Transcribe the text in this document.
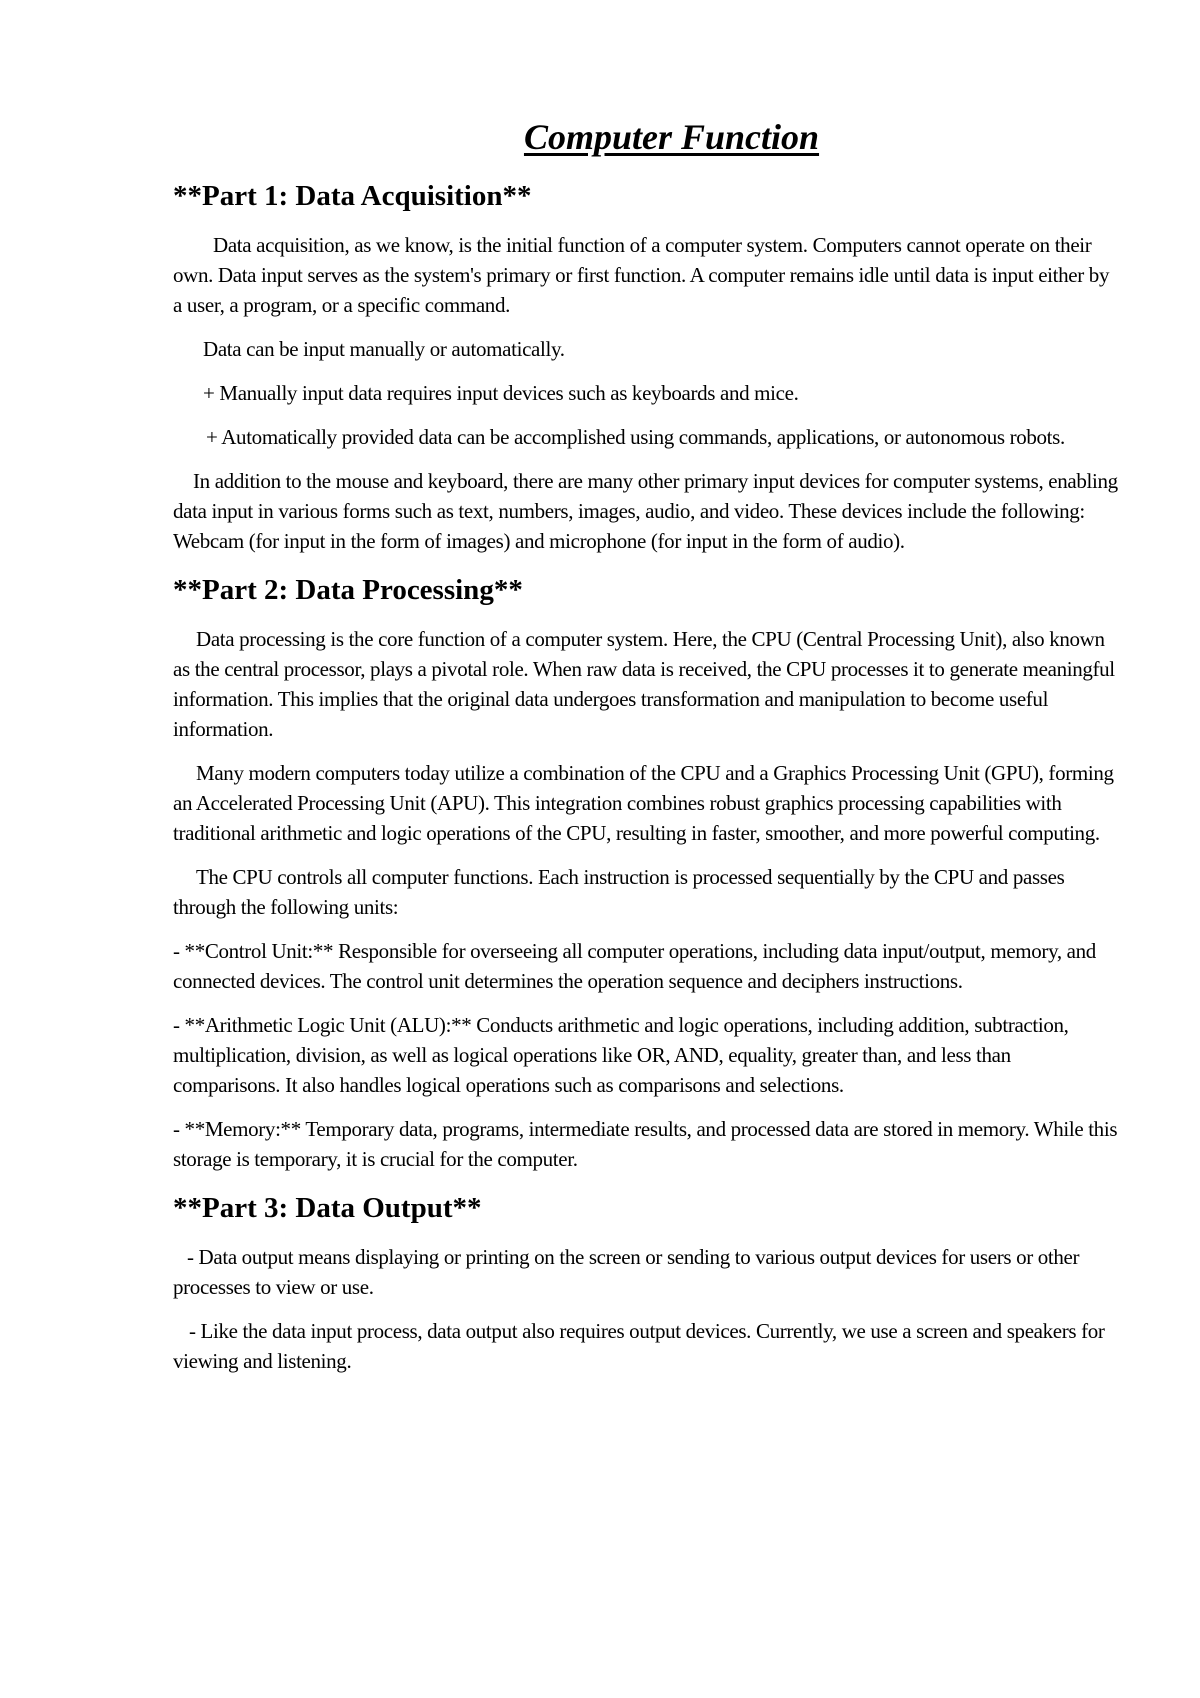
Computer Function
**Part 1: Data Acquisition**

Data acquisition, as we know, is the initial function of a computer system. Computers cannot operate on their own. Data input serves as the system's primary or first function. A computer remains idle until data is input either by a user, a program, or a specific command.

Data can be input manually or automatically.

+ Manually input data requires input devices such as keyboards and mice.

+ Automatically provided data can be accomplished using commands, applications, or autonomous robots.

In addition to the mouse and keyboard, there are many other primary input devices for computer systems, enabling data input in various forms such as text, numbers, images, audio, and video. These devices include the following: Webcam (for input in the form of images) and microphone (for input in the form of audio).

**Part 2: Data Processing**

Data processing is the core function of a computer system. Here, the CPU (Central Processing Unit), also known as the central processor, plays a pivotal role. When raw data is received, the CPU processes it to generate meaningful information. This implies that the original data undergoes transformation and manipulation to become useful information.

Many modern computers today utilize a combination of the CPU and a Graphics Processing Unit (GPU), forming an Accelerated Processing Unit (APU). This integration combines robust graphics processing capabilities with traditional arithmetic and logic operations of the CPU, resulting in faster, smoother, and more powerful computing.

The CPU controls all computer functions. Each instruction is processed sequentially by the CPU and passes through the following units:

- **Control Unit:** Responsible for overseeing all computer operations, including data input/output, memory, and connected devices. The control unit determines the operation sequence and deciphers instructions.

- **Arithmetic Logic Unit (ALU):** Conducts arithmetic and logic operations, including addition, subtraction, multiplication, division, as well as logical operations like OR, AND, equality, greater than, and less than comparisons. It also handles logical operations such as comparisons and selections.

- **Memory:** Temporary data, programs, intermediate results, and processed data are stored in memory. While this storage is temporary, it is crucial for the computer.

**Part 3: Data Output**

- Data output means displaying or printing on the screen or sending to various output devices for users or other processes to view or use.

- Like the data input process, data output also requires output devices. Currently, we use a screen and speakers for viewing and listening.
